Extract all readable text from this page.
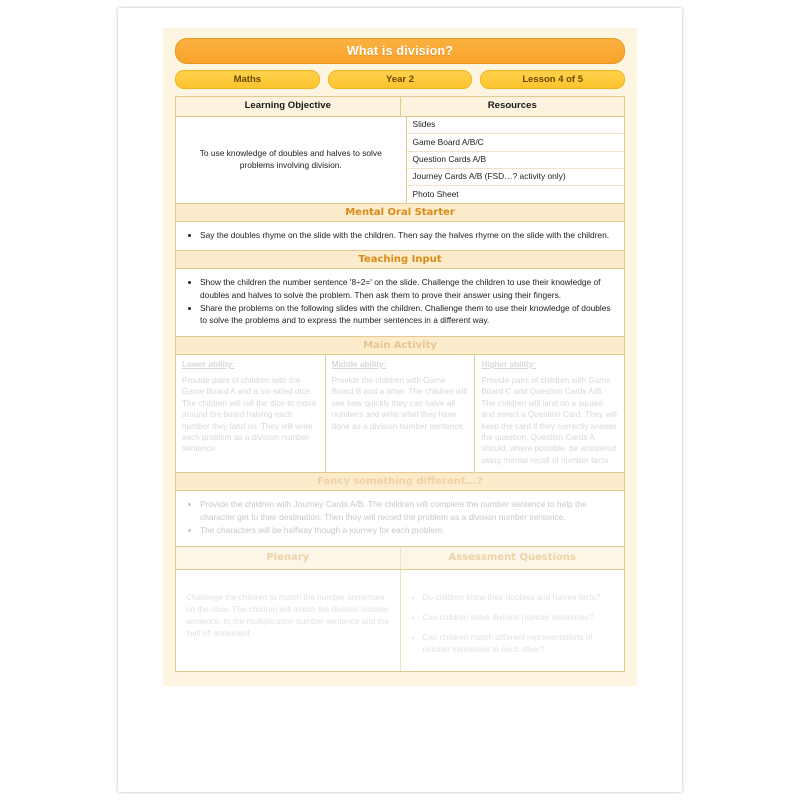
What is division?
Maths	Year 2	Lesson 4 of 5
Learning Objective	Resources
To use knowledge of doubles and halves to solve problems involving division.
Slides
Game Board A/B/C
Question Cards A/B
Journey Cards A/B (FSD…? activity only)
Photo Sheet
Mental Oral Starter
• Say the doubles rhyme on the slide with the children. Then say the halves rhyme on the slide with the children.
Teaching Input
• Show the children the number sentence '8÷2=' on the slide. Challenge the children to use their knowledge of doubles and halves to solve the problem. Then ask them to prove their answer using their fingers.
• Share the problems on the following slides with the children. Challenge them to use their knowledge of doubles to solve the problems and to express the number sentences in a different way.
Main Activity
Lower ability:
Provide pairs of children with the Game Board A and a six-sided dice. The children will roll the dice to move around the board halving each number they land on. They will write each problem as a division number sentence.
Middle ability:
Provide the children with Game Board B and a timer. The children will see how quickly they can halve all numbers and write what they have done as a division number sentence.
Higher ability:
Provide pairs of children with Game Board C and Question Cards A/B. The children will land on a square and select a Question Card. They will keep the card if they correctly answer the question. Question Cards A should, where possible, be answered using mental recall of number facts.
Fancy something different...?
• Provide the children with Journey Cards A/B. The children will complete the number sentence to help the character get to their destination. Then they will record the problem as a division number sentence.
• The characters will be halfway though a journey for each problem.
Plenary	Assessment Questions
Challenge the children to match the number sentences on the slide. The children will match the division number sentence, to the multiplication number sentence and the 'half of' statement.
• Do children know their doubles and halves facts?
• Can children solve division number sentences?
• Can children match different representations of number sentences to each other?
